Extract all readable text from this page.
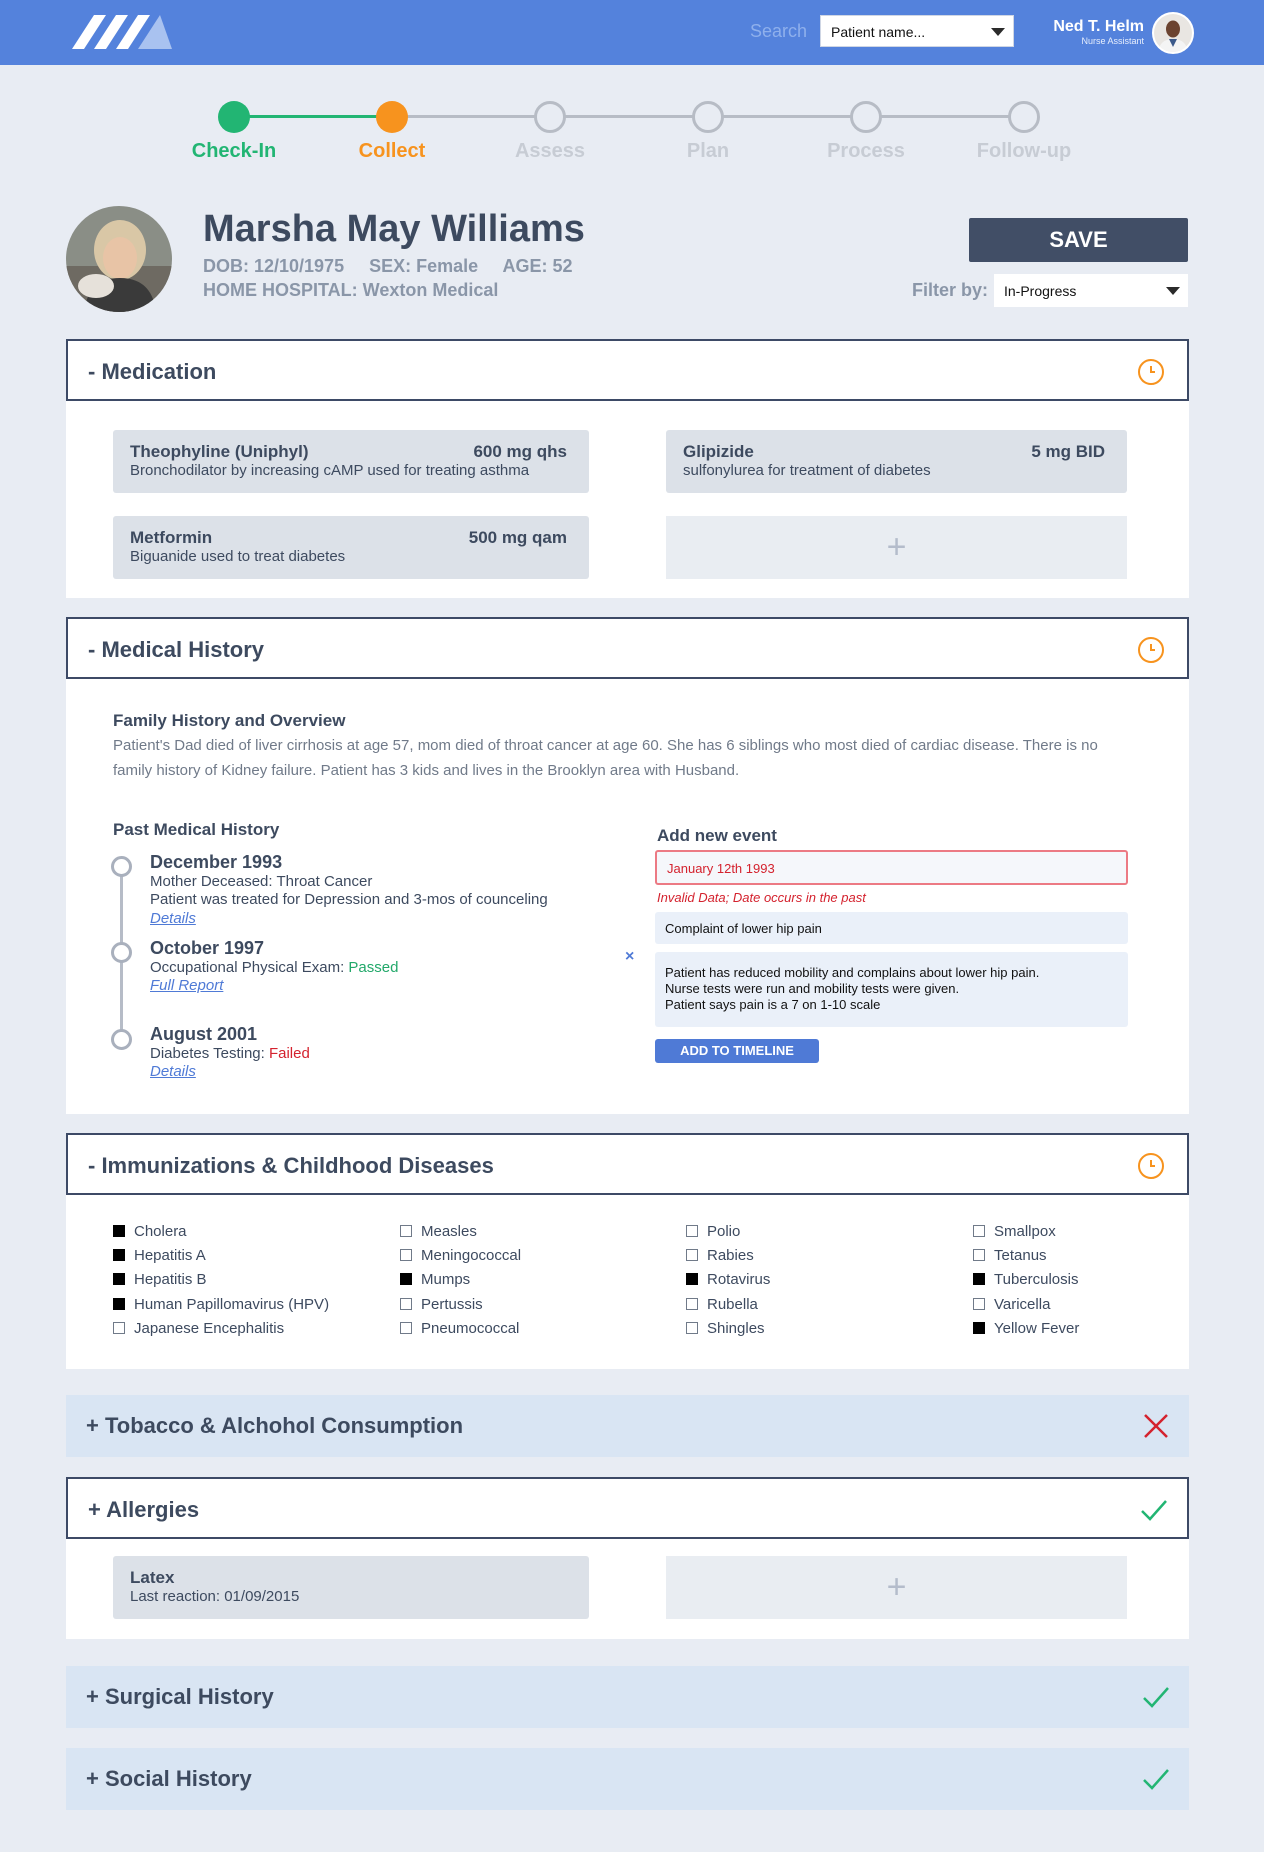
Search	Patient name...	Ned T. Helm
Nurse Assistant
Check-In	Collect	Assess	Plan	Process	Follow-up
Marsha May Williams
DOB: 12/10/1975     SEX: Female     AGE: 52
HOME HOSPITAL: Wexton Medical
SAVE
Filter by:	In-Progress
- Medication
Theophyline (Uniphyl)	600 mg qhs
Bronchodilator by increasing cAMP used for treating asthma
Glipizide	5 mg BID
sulfonylurea for treatment of diabetes
Metformin	500 mg qam
Biguanide used to treat diabetes	+
- Medical History
Family History and Overview
Patient's Dad died of liver cirrhosis at age 57, mom died of throat cancer at age 60. She has 6 siblings who most died of cardiac disease. There is no family history of Kidney failure. Patient has 3 kids and lives in the Brooklyn area with Husband.
Past Medical History
December 1993
Mother Deceased: Throat Cancer
Patient was treated for Depression and 3-mos of counceling
Details
October 1997
Occupational Physical Exam: Passed
Full Report
August 2001
Diabetes Testing: Failed
Details
×
Add new event
January 12th 1993
Invalid Data; Date occurs in the past
Complaint of lower hip pain
Patient has reduced mobility and complains about lower hip pain.
Nurse tests were run and mobility tests were given.
Patient says pain is a 7 on 1-10 scale
ADD TO TIMELINE
- Immunizations & Childhood Diseases
Cholera
Hepatitis A
Hepatitis B
Human Papillomavirus (HPV)
Japanese Encephalitis
Measles
Meningococcal
Mumps
Pertussis
Pneumococcal
Polio
Rabies
Rotavirus
Rubella
Shingles
Smallpox
Tetanus
Tuberculosis
Varicella
Yellow Fever
+ Tobacco & Alchohol Consumption
+ Allergies
Latex
Last reaction: 01/09/2015	+
+ Surgical History
+ Social History
